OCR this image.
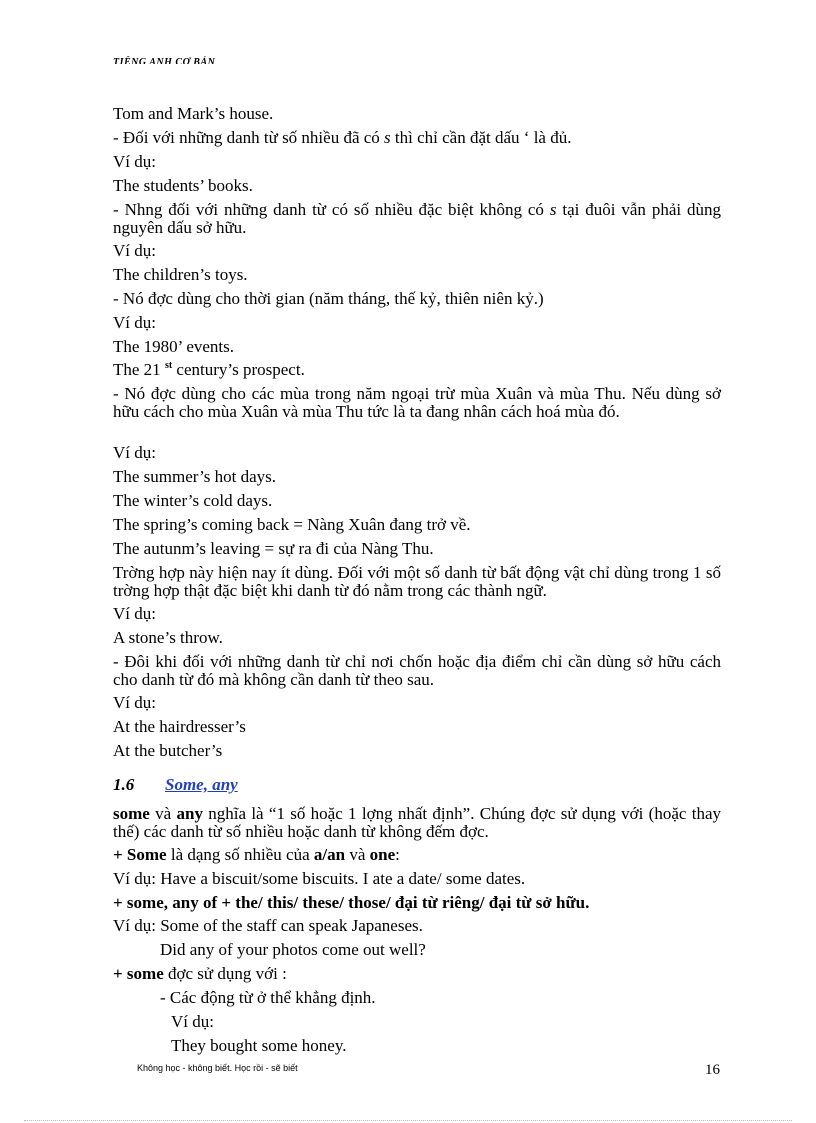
TIẾNG ANH CƠ BẢN
Tom and Mark’s house.
- Đối với những danh từ số nhiều đã có s thì chỉ cần đặt dấu ‘ là đủ.
Ví dụ:
The students’ books.
- Nhng đối với những danh từ có số nhiều đặc biệt không có s tại đuôi vẫn phải dùng nguyên dấu sở hữu.
Ví dụ:
The children’s toys.
- Nó đợc dùng cho thời gian (năm tháng, thế kỷ, thiên niên kỷ.)
Ví dụ:
The 1980’ events.
The 21 $^{st}$ century’s prospect.
- Nó đợc dùng cho các mùa trong năm ngoại trừ mùa Xuân và mùa Thu. Nếu dùng sở hữu cách cho mùa Xuân và mùa Thu tức là ta đang nhân cách hoá mùa đó.
Ví dụ:
The summer’s hot days.
The winter’s cold days.
The spring’s coming back = Nàng Xuân đang trở về.
The autunm’s leaving = sự ra đi của Nàng Thu.
Trờng hợp này hiện nay ít dùng. Đối với một số danh từ bất động vật chỉ dùng trong 1 số trờng hợp thật đặc biệt khi danh từ đó nằm trong các thành ngữ.
Ví dụ:
A stone’s throw.
- Đôi khi đối với những danh từ chỉ nơi chốn hoặc địa điểm chỉ cần dùng sở hữu cách cho danh từ đó mà không cần danh từ theo sau.
Ví dụ:
At the hairdresser’s
At the butcher’s
1.6 Some, any
some và any nghĩa là “1 số hoặc 1 lợng nhất định”. Chúng đợc sử dụng với (hoặc thay thế) các danh từ số nhiều hoặc danh từ không đếm đợc.
+ Some là dạng số nhiều của a/an và one:
Ví dụ: Have a biscuit/some biscuits. I ate a date/ some dates.
+ some, any of + the/ this/ these/ those/ đại từ riêng/ đại từ sở hữu.
Ví dụ: Some of the staff can speak Japaneses.
Did any of your photos come out well?
+ some đợc sử dụng với :
- Các động từ ở thể khẳng định.
Ví dụ:
They bought some honey.
Không học - không biết. Học rồi - sẽ biết	16
